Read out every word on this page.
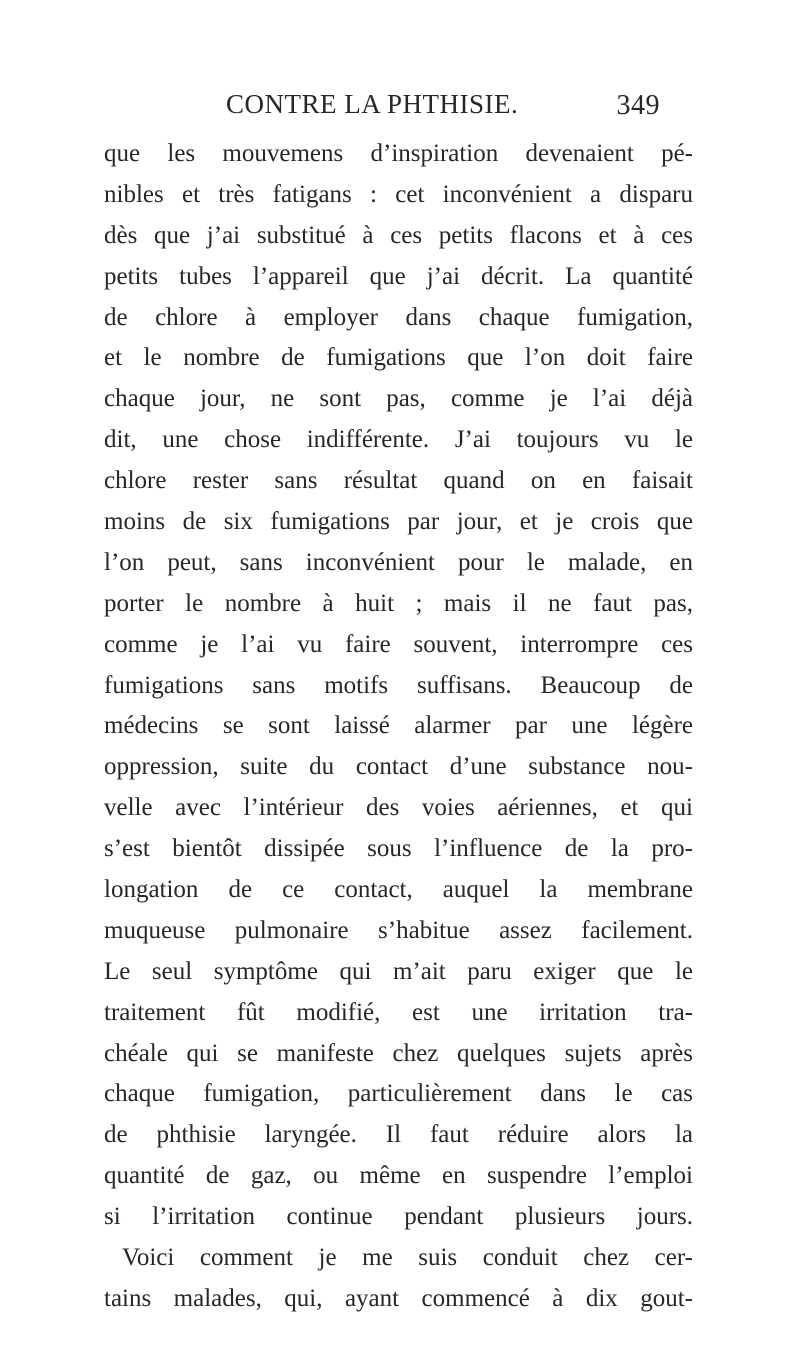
CONTRE LA PHTHISIE.	349
que les mouvemens d’inspiration devenaient pé-
nibles et très fatigans : cet inconvénient a disparu
dès que j’ai substitué à ces petits flacons et à ces
petits tubes l’appareil que j’ai décrit. La quantité
de chlore à employer dans chaque fumigation,
et le nombre de fumigations que l’on doit faire
chaque jour, ne sont pas, comme je l’ai déjà
dit, une chose indifférente. J’ai toujours vu le
chlore rester sans résultat quand on en faisait
moins de six fumigations par jour, et je crois que
l’on peut, sans inconvénient pour le malade, en
porter le nombre à huit ; mais il ne faut pas,
comme je l’ai vu faire souvent, interrompre ces
fumigations sans motifs suffisans. Beaucoup de
médecins se sont laissé alarmer par une légère
oppression, suite du contact d’une substance nou-
velle avec l’intérieur des voies aériennes, et qui
s’est bientôt dissipée sous l’influence de la pro-
longation de ce contact, auquel la membrane
muqueuse pulmonaire s’habitue assez facilement.
Le seul symptôme qui m’ait paru exiger que le
traitement fût modifié, est une irritation tra-
chéale qui se manifeste chez quelques sujets après
chaque fumigation, particulièrement dans le cas
de phthisie laryngée. Il faut réduire alors la
quantité de gaz, ou même en suspendre l’emploi
si l’irritation continue pendant plusieurs jours.
Voici comment je me suis conduit chez cer-
tains malades, qui, ayant commencé à dix gout-
